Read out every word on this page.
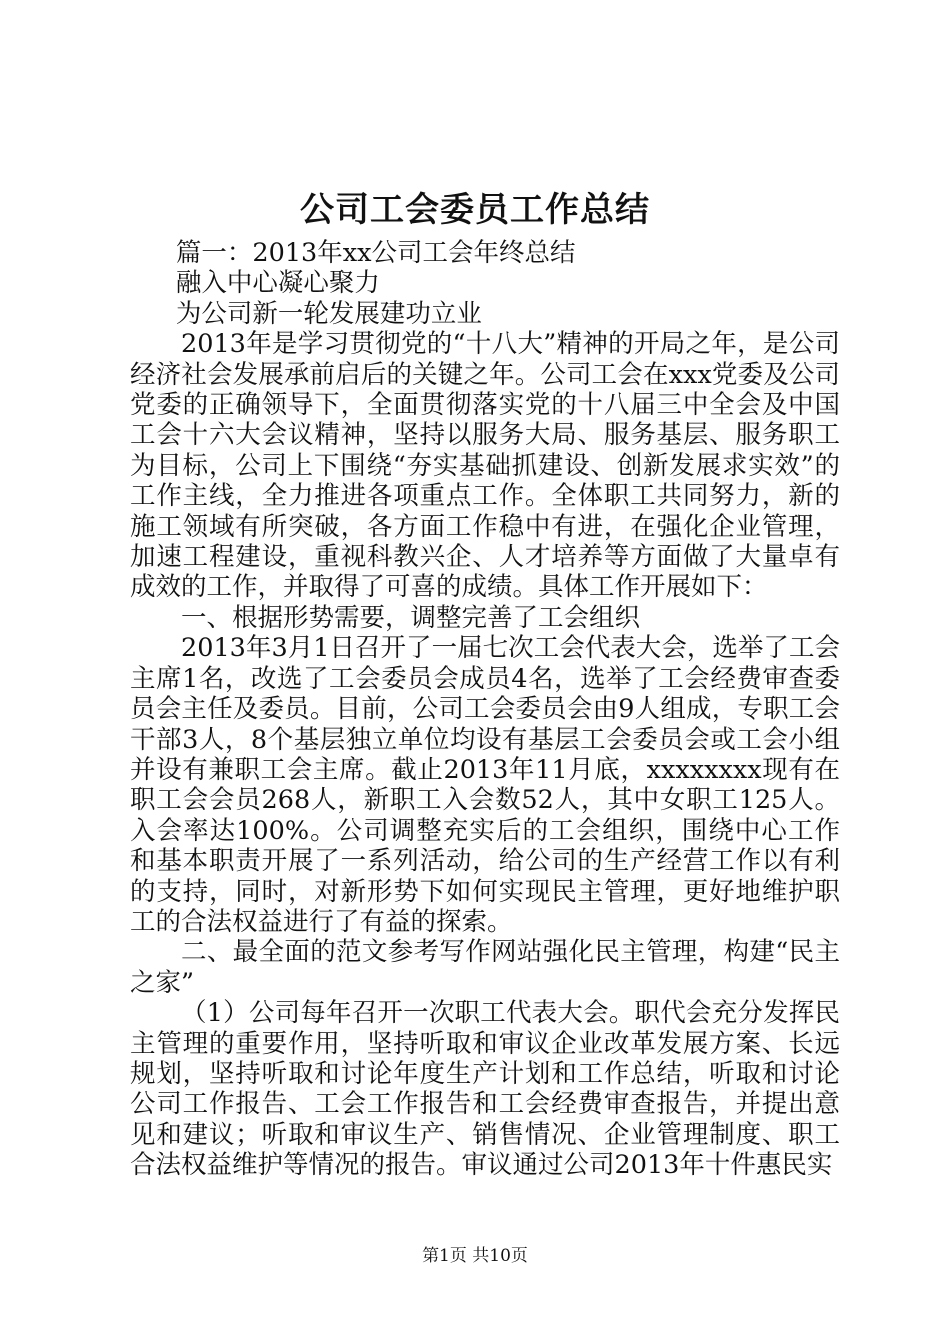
公司工会委员工作总结

篇一：2013年xx公司工会年终总结

融入中心凝心聚力

为公司新一轮发展建功立业

2013年是学习贯彻党的“十八大”精神的开局之年，是公司经济社会发展承前启后的关键之年。公司工会在xxx党委及公司党委的正确领导下，全面贯彻落实党的十八届三中全会及中国工会十六大会议精神，坚持以服务大局、服务基层、服务职工为目标，公司上下围绕“夯实基础抓建设、创新发展求实效”的工作主线，全力推进各项重点工作。全体职工共同努力，新的施工领域有所突破，各方面工作稳中有进，在强化企业管理，加速工程建设，重视科教兴企、人才培养等方面做了大量卓有成效的工作，并取得了可喜的成绩。具体工作开展如下：

一、根据形势需要，调整完善了工会组织

2013年3月1日召开了一届七次工会代表大会，选举了工会主席1名，改选了工会委员会成员4名，选举了工会经费审查委员会主任及委员。目前，公司工会委员会由9人组成，专职工会干部3人，8个基层独立单位均设有基层工会委员会或工会小组并设有兼职工会主席。截止2013年11月底，xxxxxxxx现有在职工会会员268人，新职工入会数52人，其中女职工125人。入会率达100%。公司调整充实后的工会组织，围绕中心工作和基本职责开展了一系列活动，给公司的生产经营工作以有利的支持，同时，对新形势下如何实现民主管理，更好地维护职工的合法权益进行了有益的探索。

二、最全面的范文参考写作网站强化民主管理，构建“民主之家”

（1）公司每年召开一次职工代表大会。职代会充分发挥民主管理的重要作用，坚持听取和审议企业改革发展方案、长远规划，坚持听取和讨论年度生产计划和工作总结，听取和讨论公司工作报告、工会工作报告和工会经费审查报告，并提出意见和建议；听取和审议生产、销售情况、企业管理制度、职工合法权益维护等情况的报告。审议通过公司2013年十件惠民实

第1页 共10页
